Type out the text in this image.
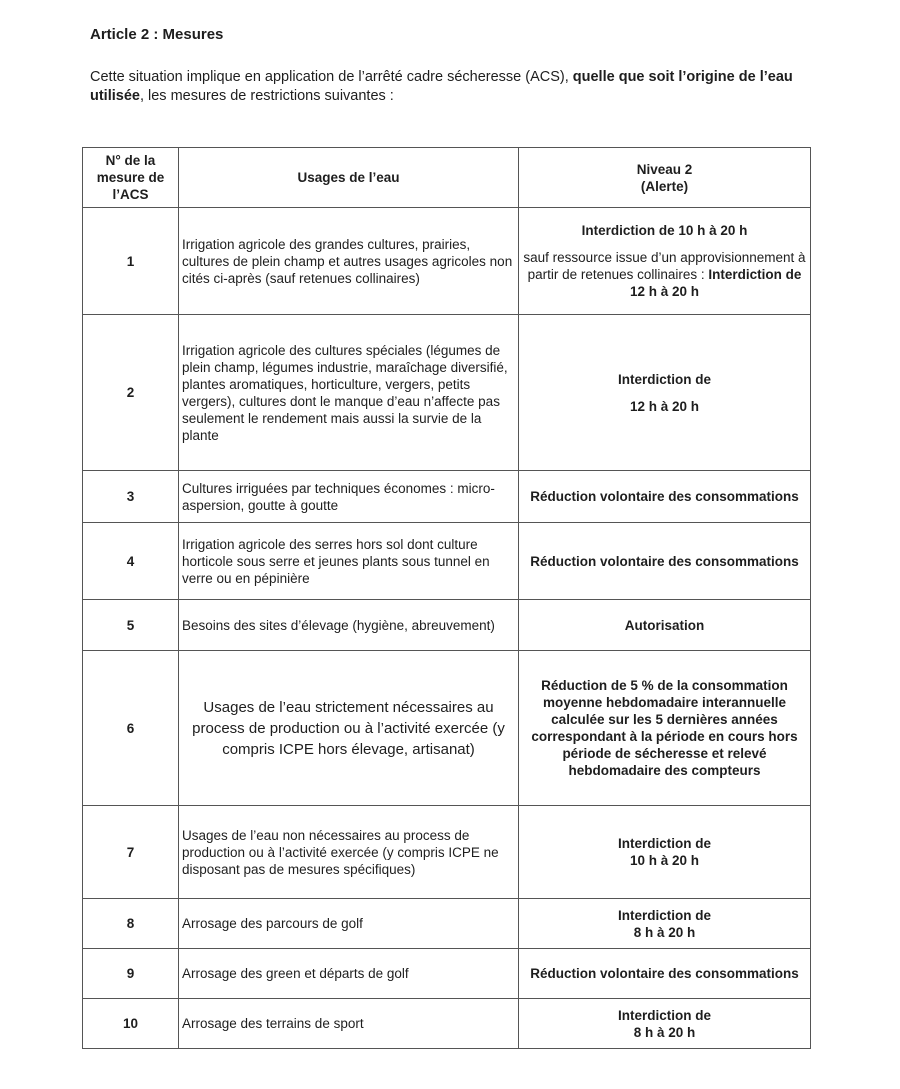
Article 2 : Mesures
Cette situation implique en application de l’arrêté cadre sécheresse (ACS), quelle que soit l’origine de l’eau utilisée, les mesures de restrictions suivantes :
N° de la
mesure de
l’ACS	Usages de l’eau	Niveau 2
(Alerte)
1	Irrigation agricole des grandes cultures, prairies, cultures de plein champ et autres usages agricoles non cités ci-après (sauf retenues collinaires)	Interdiction de 10 h à 20 h
sauf ressource issue d’un approvisionnement à partir de retenues collinaires : Interdiction de 12 h à 20 h

2	Irrigation agricole des cultures spéciales (légumes de plein champ, légumes industrie, maraîchage diversifié, plantes aromatiques, horticulture, vergers, petits vergers), cultures dont le manque d’eau n’affecte pas seulement le rendement mais aussi la survie de la plante	Interdiction de
12 h à 20 h

3	Cultures irriguées par techniques économes : micro-aspersion, goutte à goutte	Réduction volontaire des consommations

4	Irrigation agricole des serres hors sol dont culture horticole sous serre et jeunes plants sous tunnel en verre ou en pépinière	Réduction volontaire des consommations

5	Besoins des sites d’élevage (hygiène, abreuvement)	Autorisation

6	Usages de l’eau strictement nécessaires au process de production ou à l’activité exercée (y compris ICPE hors élevage, artisanat)	Réduction de 5 % de la consommation moyenne hebdomadaire interannuelle calculée sur les 5 dernières années correspondant à la période en cours hors période de sécheresse et relevé hebdomadaire des compteurs

7	Usages de l’eau non nécessaires au process de production ou à l’activité exercée (y compris ICPE ne disposant pas de mesures spécifiques)	Interdiction de
10 h à 20 h

8	Arrosage des parcours de golf	Interdiction de
8 h à 20 h

9	Arrosage des green et départs de golf	Réduction volontaire des consommations

10	Arrosage des terrains de sport	Interdiction de
8 h à 20 h
